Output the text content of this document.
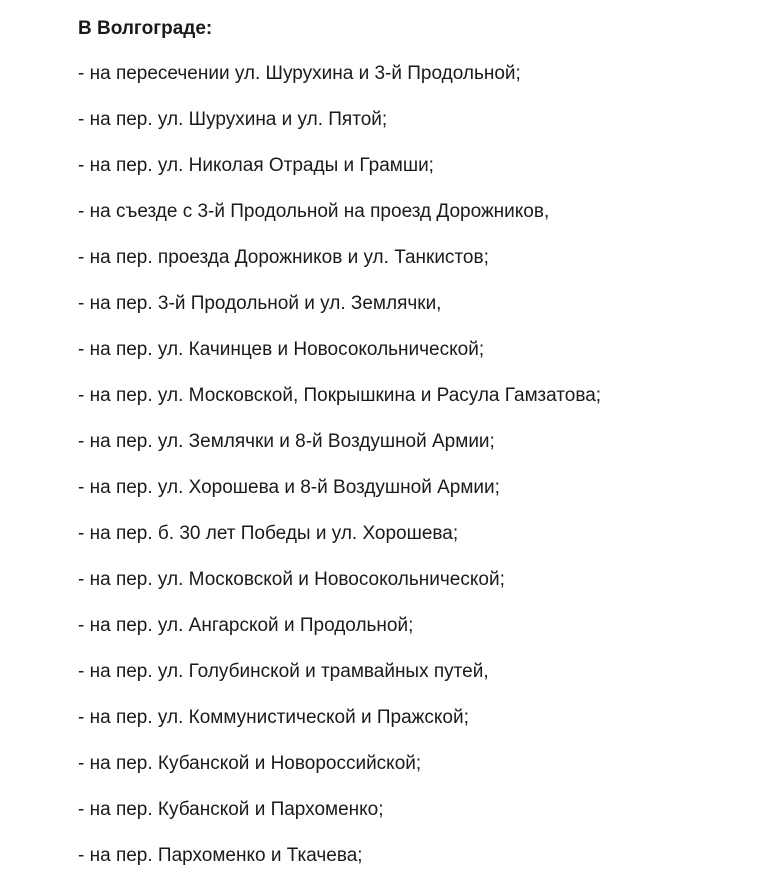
В Волгограде:

- на пересечении ул. Шурухина и 3-й Продольной;
- на пер. ул. Шурухина и ул. Пятой;
- на пер. ул. Николая Отрады и Грамши;
- на съезде с 3-й Продольной на проезд Дорожников,
- на пер. проезда Дорожников и ул. Танкистов;
- на пер. 3-й Продольной и ул. Землячки,
- на пер. ул. Качинцев и Новосокольнической;
- на пер. ул. Московской, Покрышкина и Расула Гамзатова;
- на пер. ул. Землячки и 8-й Воздушной Армии;
- на пер. ул. Хорошева и 8-й Воздушной Армии;
- на пер. б. 30 лет Победы и ул. Хорошева;
- на пер. ул. Московской и Новосокольнической;
- на пер. ул. Ангарской и Продольной;
- на пер. ул. Голубинской и трамвайных путей,
- на пер. ул. Коммунистической и Пражской;
- на пер. Кубанской и Новороссийской;
- на пер. Кубанской и Пархоменко;
- на пер. Пархоменко и Ткачева;
